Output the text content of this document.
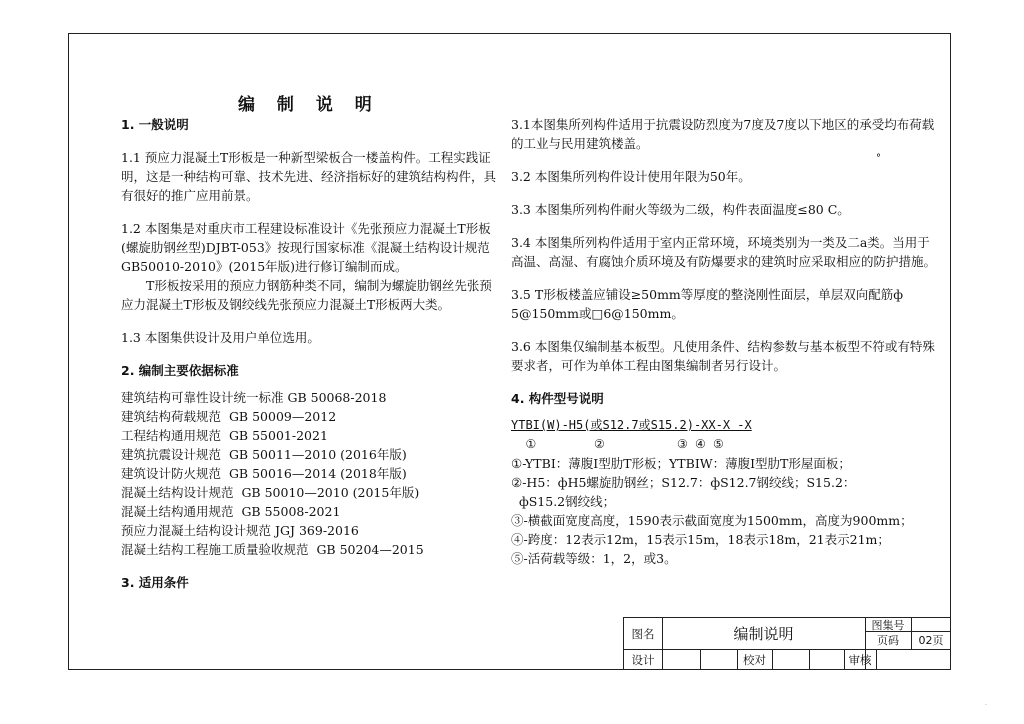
编 制 说 明

1. 一般说明

1.1 预应力混凝土T形板是一种新型梁板合一楼盖构件。工程实践证明，这是一种结构可靠、技术先进、经济指标好的建筑结构构件，具有很好的推广应用前景。

1.2 本图集是对重庆市工程建设标准设计《先张预应力混凝土T形板(螺旋肋钢丝型)DJBT-053》按现行国家标准《混凝土结构设计规范GB50010-2010》(2015年版)进行修订编制而成。

T形板按采用的预应力钢筋种类不同，编制为螺旋肋钢丝先张预应力混凝土T形板及钢绞线先张预应力混凝土T形板两大类。

1.3 本图集供设计及用户单位选用。

2. 编制主要依据标准

建筑结构可靠性设计统一标准 GB 50068-2018

建筑结构荷载规范  GB 50009—2012

工程结构通用规范  GB 55001-2021

建筑抗震设计规范  GB 50011—2010 (2016年版)

建筑设计防火规范  GB 50016—2014 (2018年版)

混凝土结构设计规范  GB 50010—2010 (2015年版)

混凝土结构通用规范  GB 55008-2021

预应力混凝土结构设计规范 JGJ 369-2016

混凝土结构工程施工质量验收规范  GB 50204—2015

3. 适用条件

°

3.1本图集所列构件适用于抗震设防烈度为7度及7度以下地区的承受均布荷载的工业与民用建筑楼盖。

3.2 本图集所列构件设计使用年限为50年。

3.3 本图集所列构件耐火等级为二级，构件表面温度≤80 C。

3.4 本图集所列构件适用于室内正常环境，环境类别为一类及二a类。当用于高温、高湿、有腐蚀介质环境及有防爆要求的建筑时应采取相应的防护措施。

3.5 T形板楼盖应铺设≥50mm等厚度的整浇刚性面层，单层双向配筋ф 5@150mm或□6@150mm。

3.6 本图集仅编制基本板型。凡使用条件、结构参数与基本板型不符或有特殊要求者，可作为单体工程由图集编制者另行设计。

4. 构件型号说明

YTBI(W)-H5(或S12.7或S15.2)-XX-X -X

①        ②          ③ ④ ⑤

①-YTBI：薄腹I型肋T形板；YTBIW：薄腹I型肋T形屋面板；

②-H5：фH5螺旋肋钢丝；S12.7：фS12.7钢绞线；S15.2：

фS15.2钢绞线；

③-横截面宽度高度，1590表示截面宽度为1500mm，高度为900mm；

④-跨度：12表示12m，15表示15m，18表示18m，21表示21m；

⑤-活荷载等级：1，2，或3。

图名	编制说明	图集号
页码	02页
设计	校对	审核
.
